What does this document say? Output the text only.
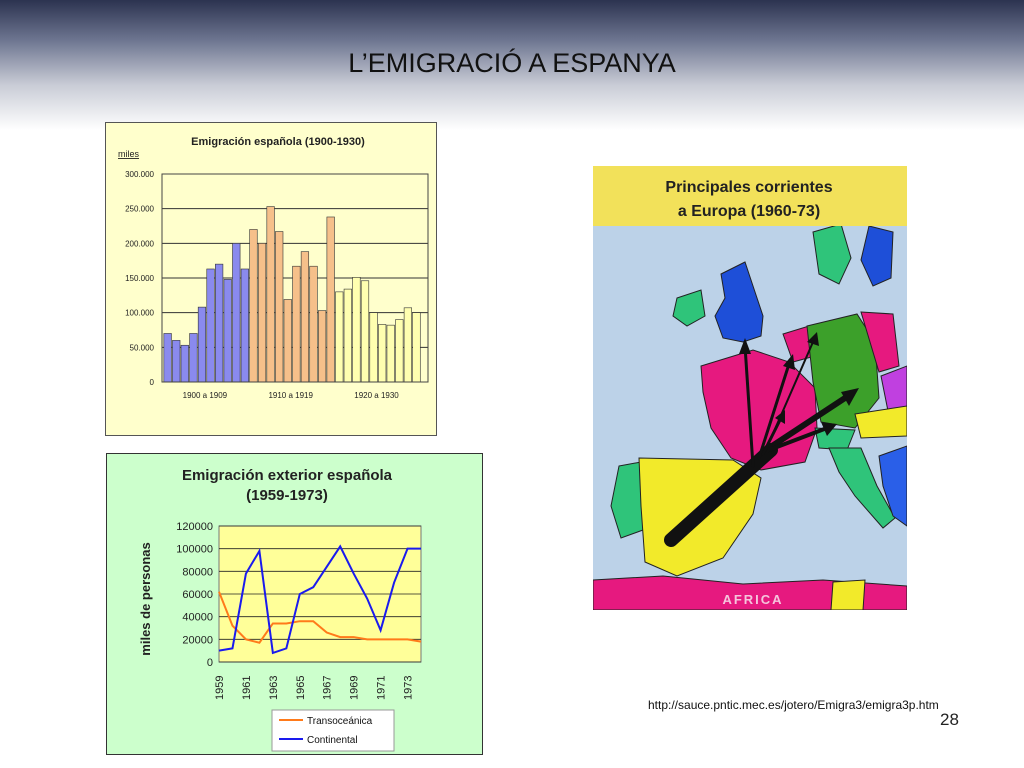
L’EMIGRACIÓ A ESPANYA
Emigración española (1900-1930)
miles
0
50.000
100.000
150.000
200.000
250.000
300.000
1900 a 1909	1910 a 1919	1920 a 1930
Emigración exterior española
(1959-1973)
miles de personas
0
20000
40000
60000
80000
100000
120000
1959 1961 1963 1965 1967 1969 1971 1973
Transoceánica
Continental
AFRICA
Principales corrientes
a Europa (1960-73)
http://sauce.pntic.mec.es/jotero/Emigra3/emigra3p.htm
28
